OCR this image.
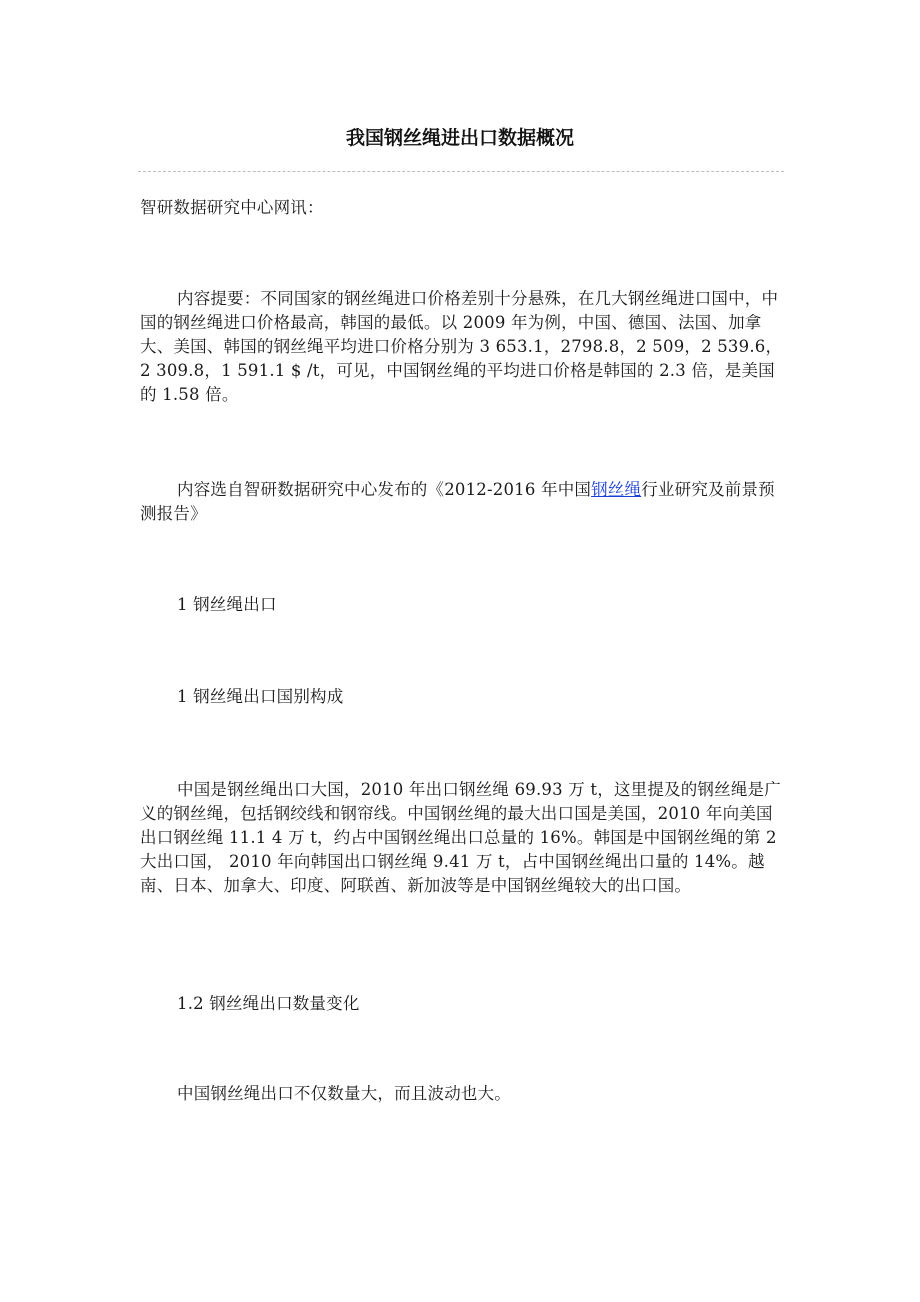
我国钢丝绳进出口数据概况
智研数据研究中心网讯：
内容提要：不同国家的钢丝绳进口价格差别十分悬殊，在几大钢丝绳进口国中，中国的钢丝绳进口价格最高，韩国的最低。以 2009 年为例，中国、德国、法国、加拿大、美国、韩国的钢丝绳平均进口价格分别为 3 653.1，2798.8，2 509，2 539.6，2 309.8，1 591.1 $ /t，可见，中国钢丝绳的平均进口价格是韩国的 2.3 倍，是美国的 1.58 倍。
内容选自智研数据研究中心发布的《2012-2016 年中国钢丝绳行业研究及前景预测报告》
1 钢丝绳出口
1 钢丝绳出口国别构成
中国是钢丝绳出口大国，2010 年出口钢丝绳 69.93 万 t，这里提及的钢丝绳是广义的钢丝绳，包括钢绞线和钢帘线。中国钢丝绳的最大出口国是美国，2010 年向美国出口钢丝绳 11.1 4 万 t，约占中国钢丝绳出口总量的 16%。韩国是中国钢丝绳的第 2 大出口国， 2010 年向韩国出口钢丝绳 9.41 万 t，占中国钢丝绳出口量的 14%。越南、日本、加拿大、印度、阿联酋、新加波等是中国钢丝绳较大的出口国。
1.2 钢丝绳出口数量变化
中国钢丝绳出口不仅数量大，而且波动也大。
